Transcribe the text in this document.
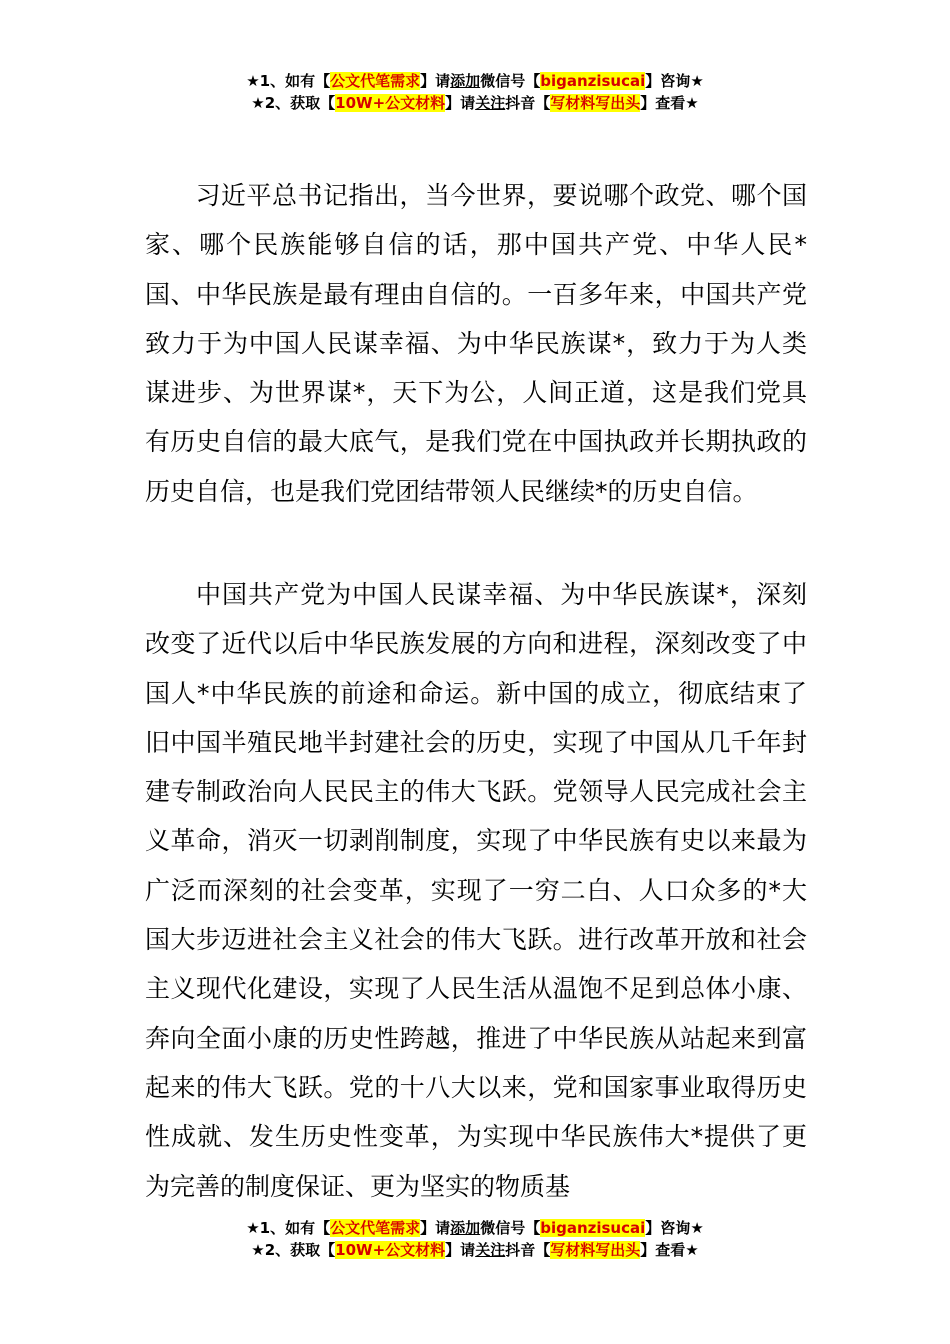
★1、如有【公文代笔需求】请添加微信号【biganzisucai】咨询★
★2、获取【10W+公文材料】请关注抖音【写材料写出头】查看★

习近平总书记指出，当今世界，要说哪个政党、哪个国家、哪个民族能够自信的话，那中国共产党、中华人民*国、中华民族是最有理由自信的。一百多年来，中国共产党致力于为中国人民谋幸福、为中华民族谋*，致力于为人类谋进步、为世界谋*，天下为公，人间正道，这是我们党具有历史自信的最大底气，是我们党在中国执政并长期执政的历史自信，也是我们党团结带领人民继续*的历史自信。

中国共产党为中国人民谋幸福、为中华民族谋*，深刻改变了近代以后中华民族发展的方向和进程，深刻改变了中国人*中华民族的前途和命运。新中国的成立，彻底结束了旧中国半殖民地半封建社会的历史，实现了中国从几千年封建专制政治向人民民主的伟大飞跃。党领导人民完成社会主义革命，消灭一切剥削制度，实现了中华民族有史以来最为广泛而深刻的社会变革，实现了一穷二白、人口众多的*大国大步迈进社会主义社会的伟大飞跃。进行改革开放和社会主义现代化建设，实现了人民生活从温饱不足到总体小康、奔向全面小康的历史性跨越，推进了中华民族从站起来到富起来的伟大飞跃。党的十八大以来，党和国家事业取得历史性成就、发生历史性变革，为实现中华民族伟大*提供了更为完善的制度保证、更为坚实的物质基

★1、如有【公文代笔需求】请添加微信号【biganzisucai】咨询★
★2、获取【10W+公文材料】请关注抖音【写材料写出头】查看★
